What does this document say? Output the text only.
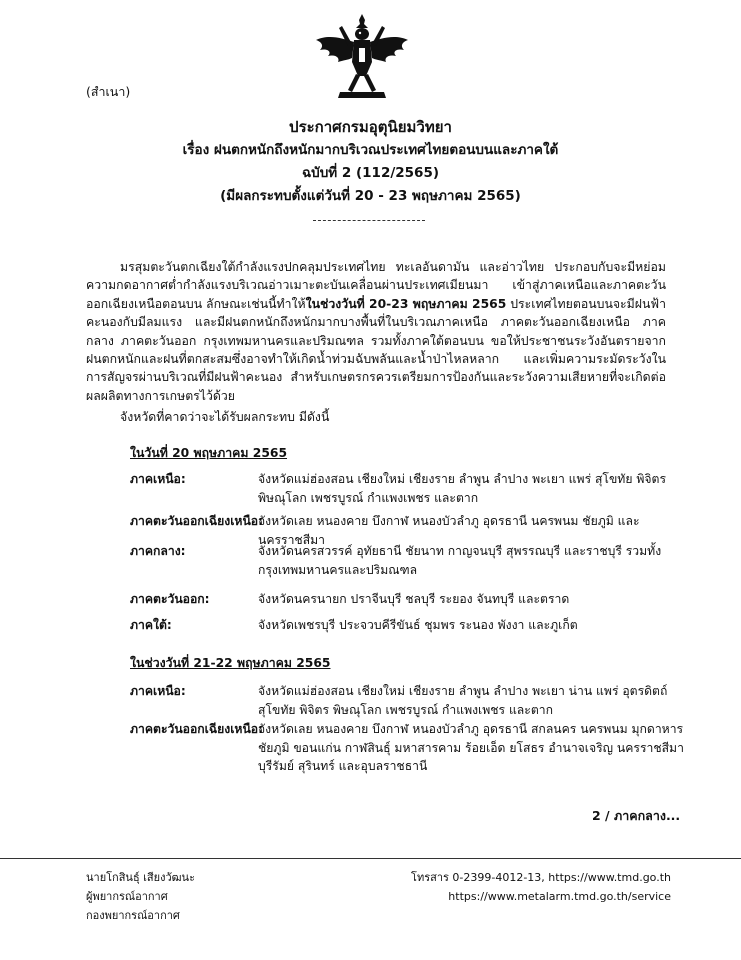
(สำเนา)
ประกาศกรมอุตุนิยมวิทยา
เรื่อง ฝนตกหนักถึงหนักมากบริเวณประเทศไทยตอนบนและภาคใต้
ฉบับที่ 2 (112/2565)
(มีผลกระทบตั้งแต่วันที่ 20 - 23 พฤษภาคม 2565)
มรสุมตะวันตกเฉียงใต้กำลังแรงปกคลุมประเทศไทย ทะเลอันดามัน และอ่าวไทย ประกอบกับจะมีหย่อมความกดอากาศต่ำกำลังแรงบริเวณอ่าวเมาะตะบันเคลื่อนผ่านประเทศเมียนมา เข้าสู่ภาคเหนือและภาคตะวันออกเฉียงเหนือตอนบน ลักษณะเช่นนี้ทำให้ในช่วงวันที่ 20-23 พฤษภาคม 2565 ประเทศไทยตอนบนจะมีฝนฟ้าคะนองกับมีลมแรง และมีฝนตกหนักถึงหนักมากบางพื้นที่ในบริเวณภาคเหนือ ภาคตะวันออกเฉียงเหนือ ภาคกลาง ภาคตะวันออก กรุงเทพมหานครและปริมณฑล รวมทั้งภาคใต้ตอนบน ขอให้ประชาชนระวังอันตรายจากฝนตกหนักและฝนที่ตกสะสมซึ่งอาจทำให้เกิดน้ำท่วมฉับพลันและน้ำป่าไหลหลาก และเพิ่มความระมัดระวังในการสัญจรผ่านบริเวณที่มีฝนฟ้าคะนอง สำหรับเกษตรกรควรเตรียมการป้องกันและระวังความเสียหายที่จะเกิดต่อผลผลิตทางการเกษตรไว้ด้วย
จังหวัดที่คาดว่าจะได้รับผลกระทบ มีดังนี้
ในวันที่ 20 พฤษภาคม 2565
ภาคเหนือ:	จังหวัดแม่ฮ่องสอน เชียงใหม่ เชียงราย ลำพูน ลำปาง พะเยา แพร่ สุโขทัย พิจิตร พิษณุโลก เพชรบูรณ์ กำแพงเพชร และตาก
ภาคตะวันออกเฉียงเหนือ:
จังหวัดเลย หนองคาย บึงกาฬ หนองบัวลำภู อุดรธานี นครพนม ชัยภูมิ และนครราชสีมา
ภาคกลาง:	จังหวัดนครสวรรค์ อุทัยธานี ชัยนาท กาญจนบุรี สุพรรณบุรี และราชบุรี รวมทั้งกรุงเทพมหานครและปริมณฑล
ภาคตะวันออก:	จังหวัดนครนายก ปราจีนบุรี ชลบุรี ระยอง จันทบุรี และตราด
ภาคใต้:	จังหวัดเพชรบุรี ประจวบคีรีขันธ์ ชุมพร ระนอง พังงา และภูเก็ต
ในช่วงวันที่ 21-22 พฤษภาคม 2565
ภาคเหนือ:	จังหวัดแม่ฮ่องสอน เชียงใหม่ เชียงราย ลำพูน ลำปาง พะเยา น่าน แพร่ อุตรดิตถ์ สุโขทัย พิจิตร พิษณุโลก เพชรบูรณ์ กำแพงเพชร และตาก
ภาคตะวันออกเฉียงเหนือ:
จังหวัดเลย หนองคาย บึงกาฬ หนองบัวลำภู อุดรธานี สกลนคร นครพนม มุกดาหาร ชัยภูมิ ขอนแก่น กาฬสินธุ์ มหาสารคาม ร้อยเอ็ด ยโสธร อำนาจเจริญ นครราชสีมา บุรีรัมย์ สุรินทร์ และอุบลราชธานี
2 / ภาคกลาง...
นายโกสินธุ์ เสียงวัฒนะ
ผู้พยากรณ์อากาศ
กองพยากรณ์อากาศ
โทรสาร 0-2399-4012-13, https://www.tmd.go.th
https://www.metalarm.tmd.go.th/service
